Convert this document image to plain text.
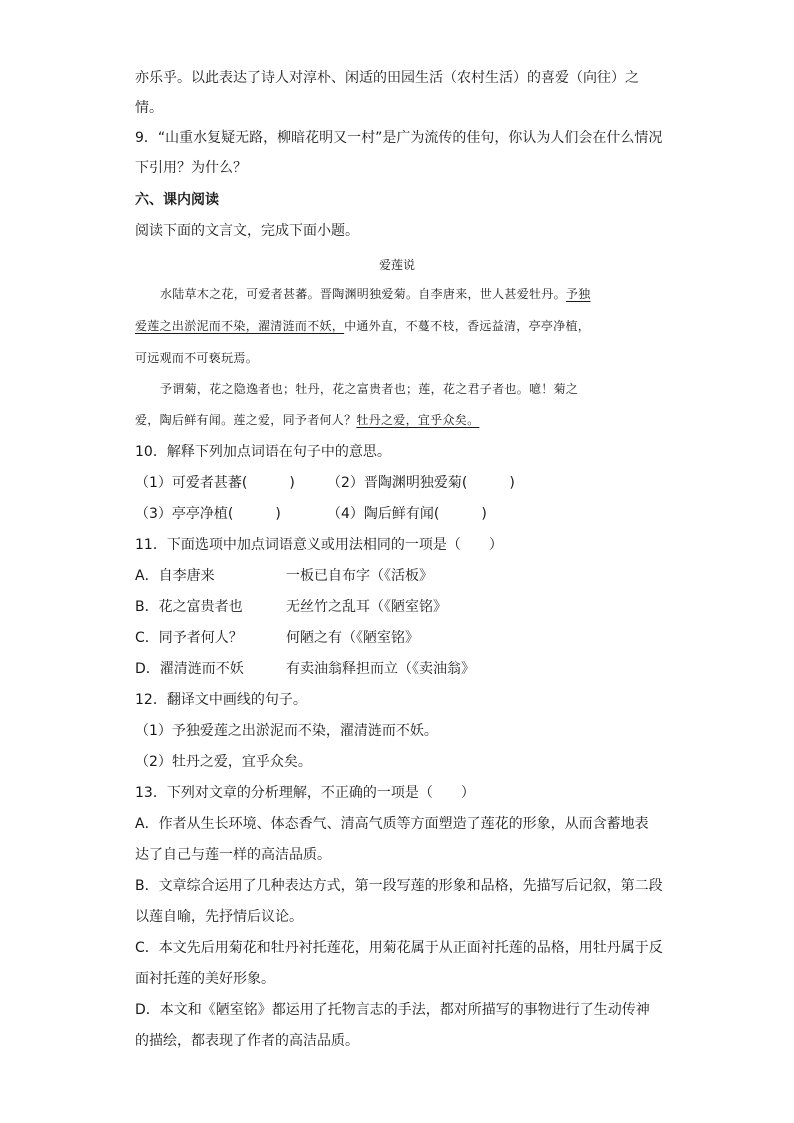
亦乐乎。以此表达了诗人对淳朴、闲适的田园生活（农村生活）的喜爱（向往）之
情。
9．“山重水复疑无路，柳暗花明又一村”是广为流传的佳句，你认为人们会在什么情况
下引用？为什么？
六、课内阅读
阅读下面的文言文，完成下面小题。
爱莲说
水陆草木之花，可爱者甚蕃。晋陶渊明独爱菊。自李唐来，世人甚爱牡丹。予独
爱莲之出淤泥而不染，濯清涟而不妖，中通外直，不蔓不枝，香远益清，亭亭净植，
可远观而不可亵玩焉。
予谓菊，花之隐逸者也；牡丹，花之富贵者也；莲，花之君子者也。噫！菊之
爱，陶后鲜有闻。莲之爱，同予者何人？牡丹之爱，宜乎众矣。
10．解释下列加点词语在句子中的意思。
（1）可爱者甚蕃(　　　) （2）晋陶渊明独爱菊(　　　)
（3）亭亭净植(　　　)	（4）陶后鲜有闻(　　　)
11．下面选项中加点词语意义或用法相同的一项是（　　）
A．自李唐来	一板已自布字（《活板》
B．花之富贵者也	无丝竹之乱耳（《陋室铭》
C．同予者何人？	何陋之有（《陋室铭》
D．濯清涟而不妖	有卖油翁释担而立（《卖油翁》
12．翻译文中画线的句子。
（1）予独爱莲之出淤泥而不染，濯清涟而不妖。
（2）牡丹之爱，宜乎众矣。
13．下列对文章的分析理解，不正确的一项是（　　）
A．作者从生长环境、体态香气、清高气质等方面塑造了莲花的形象，从而含蓄地表
达了自己与莲一样的高洁品质。
B．文章综合运用了几种表达方式，第一段写莲的形象和品格，先描写后记叙，第二段
以莲自喻，先抒情后议论。
C．本文先后用菊花和牡丹衬托莲花，用菊花属于从正面衬托莲的品格，用牡丹属于反
面衬托莲的美好形象。
D．本文和《陋室铭》都运用了托物言志的手法，都对所描写的事物进行了生动传神
的描绘，都表现了作者的高洁品质。
